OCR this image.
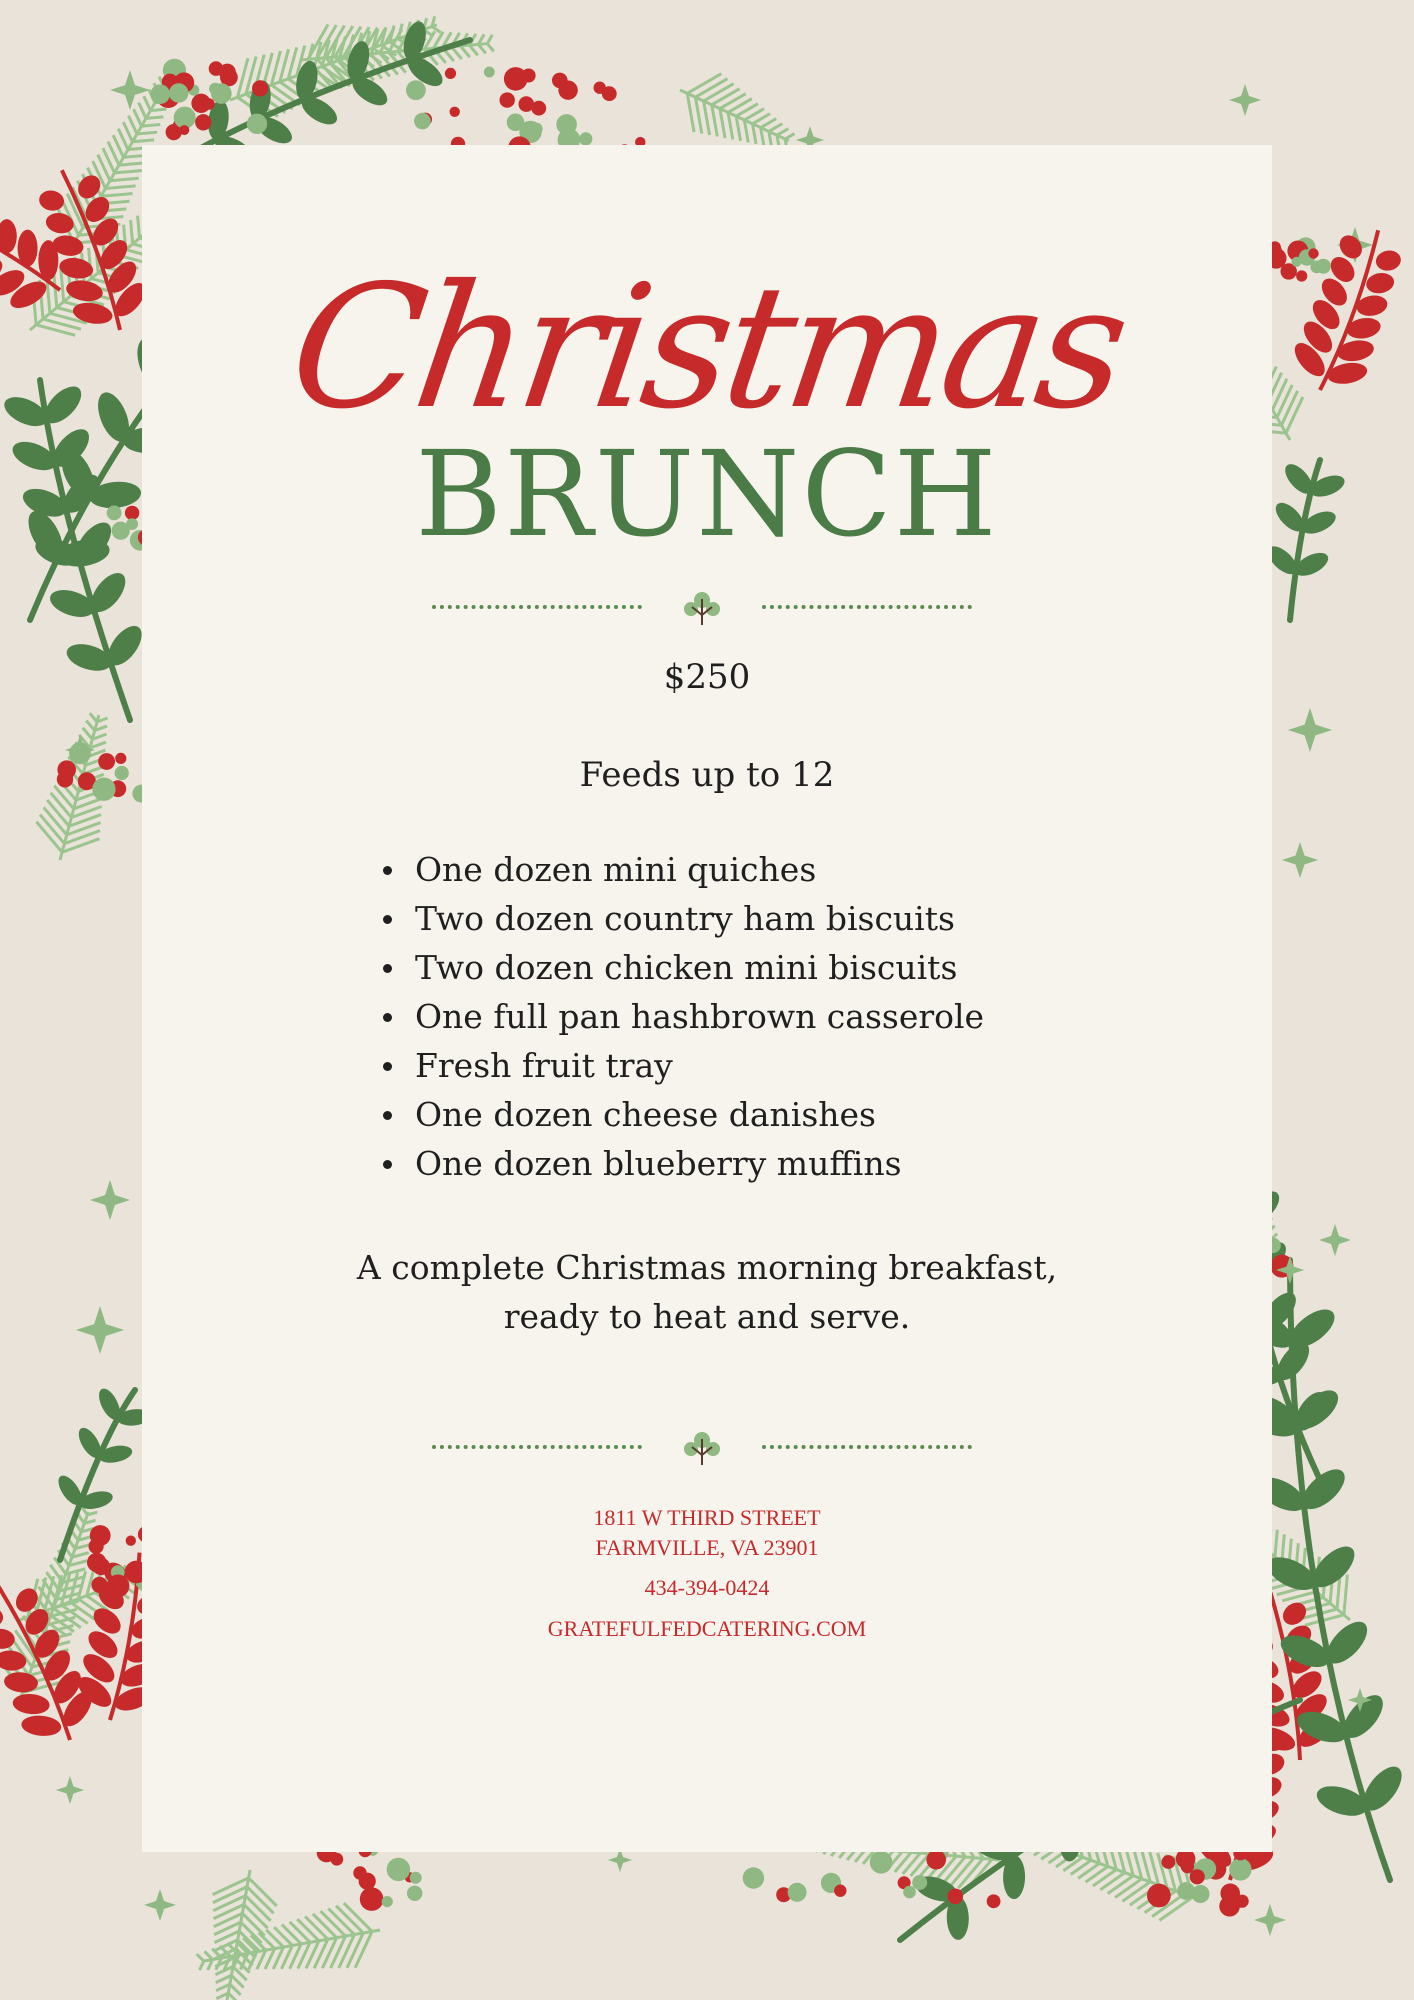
Christmas
BRUNCH
$250
Feeds up to 12
One dozen mini quiches
Two dozen country ham biscuits
Two dozen chicken mini biscuits
One full pan hashbrown casserole
Fresh fruit tray
One dozen cheese danishes
One dozen blueberry muffins
A complete Christmas morning breakfast,
ready to heat and serve.
1811 W THIRD STREET
FARMVILLE, VA 23901
434-394-0424
GRATEFULFEDCATERING.COM
